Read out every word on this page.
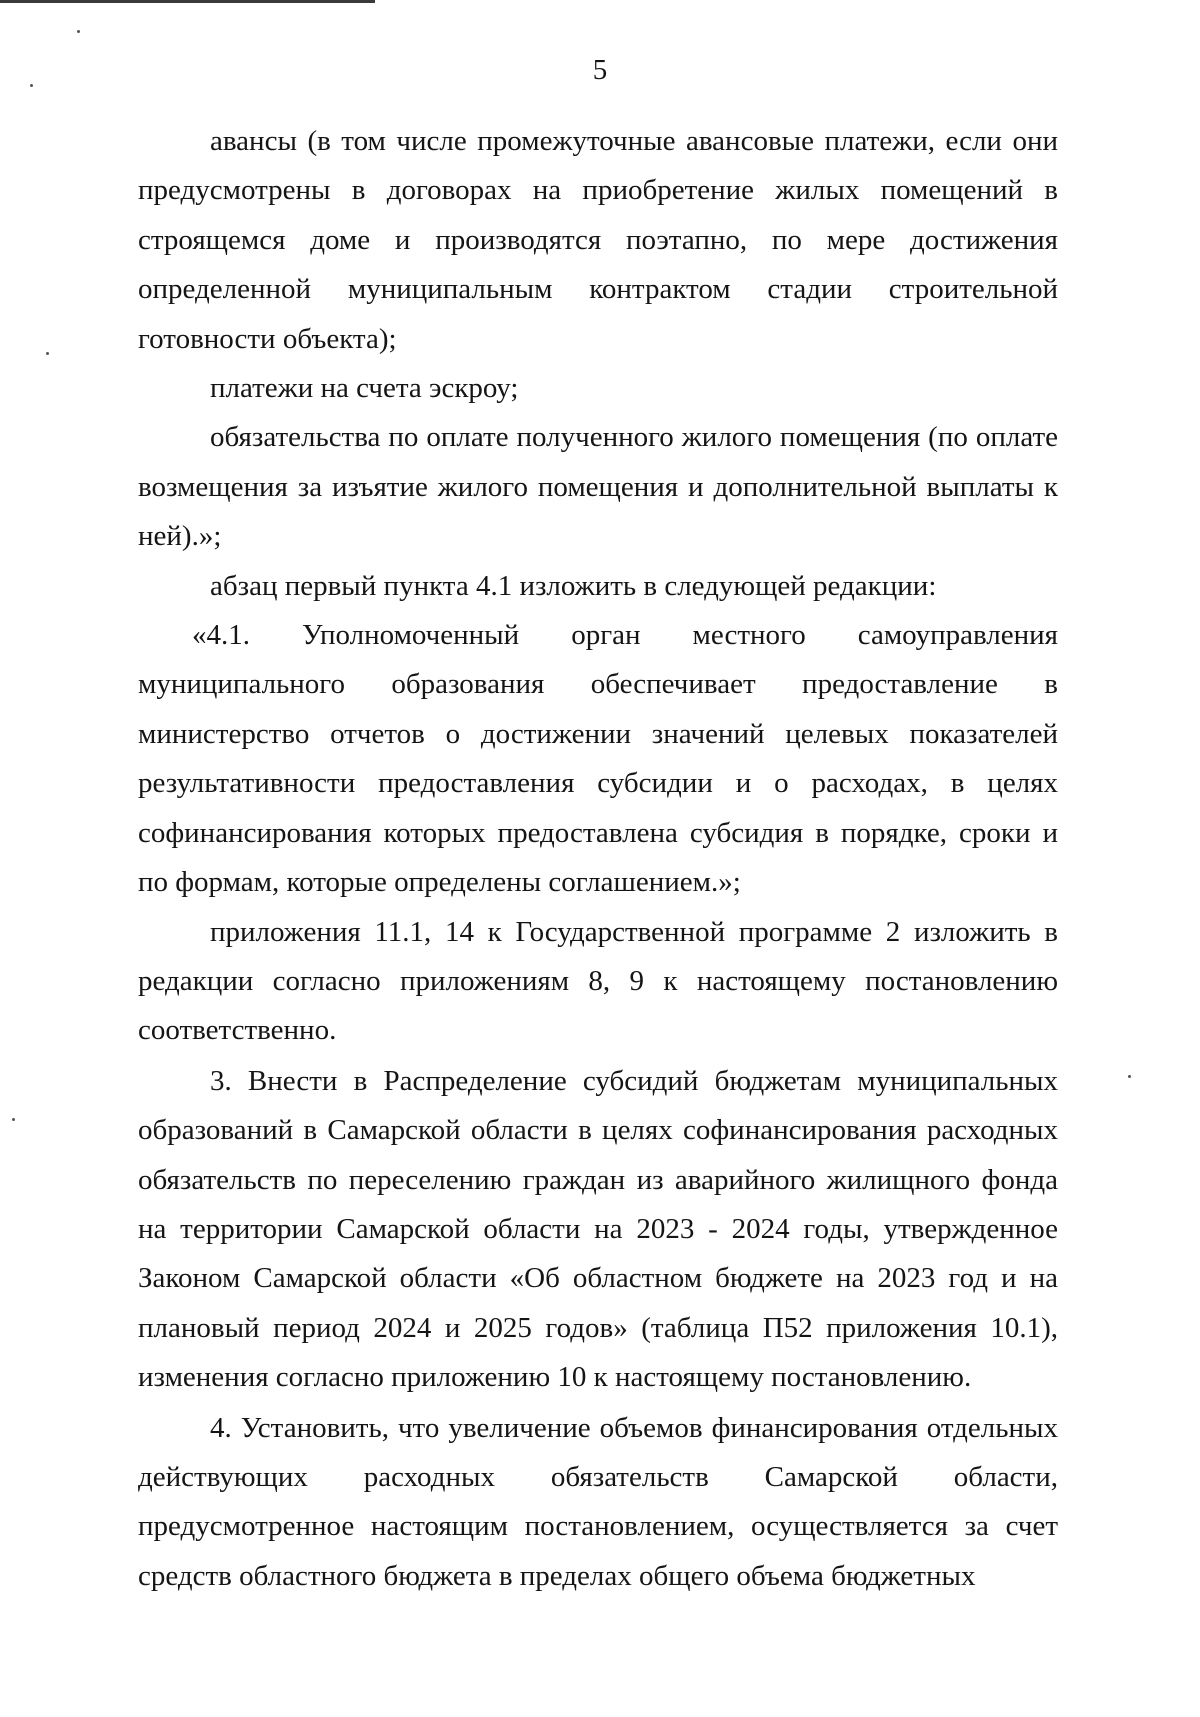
5

авансы (в том числе промежуточные авансовые платежи, если они предусмотрены в договорах на приобретение жилых помещений в строящемся доме и производятся поэтапно, по мере достижения определенной муниципальным контрактом стадии строительной готовности объекта);

платежи на счета эскроу;

обязательства по оплате полученного жилого помещения (по оплате возмещения за изъятие жилого помещения и дополнительной выплаты к ней).»;

абзац первый пункта 4.1 изложить в следующей редакции:

«4.1. Уполномоченный орган местного самоуправления муниципального образования обеспечивает предоставление в министерство отчетов о достижении значений целевых показателей результативности предоставления субсидии и о расходах, в целях софинансирования которых предоставлена субсидия в порядке, сроки и по формам, которые определены соглашением.»;

приложения 11.1, 14 к Государственной программе 2 изложить в редакции согласно приложениям 8, 9 к настоящему постановлению соответственно.

3. Внести в Распределение субсидий бюджетам муниципальных образований в Самарской области в целях софинансирования расходных обязательств по переселению граждан из аварийного жилищного фонда на территории Самарской области на 2023 - 2024 годы, утвержденное Законом Самарской области «Об областном бюджете на 2023 год и на плановый период 2024 и 2025 годов» (таблица П52 приложения 10.1), изменения согласно приложению 10 к настоящему постановлению.

4. Установить, что увеличение объемов финансирования отдельных действующих расходных обязательств Самарской области, предусмотренное настоящим постановлением, осуществляется за счет средств областного бюджета в пределах общего объема бюджетных
